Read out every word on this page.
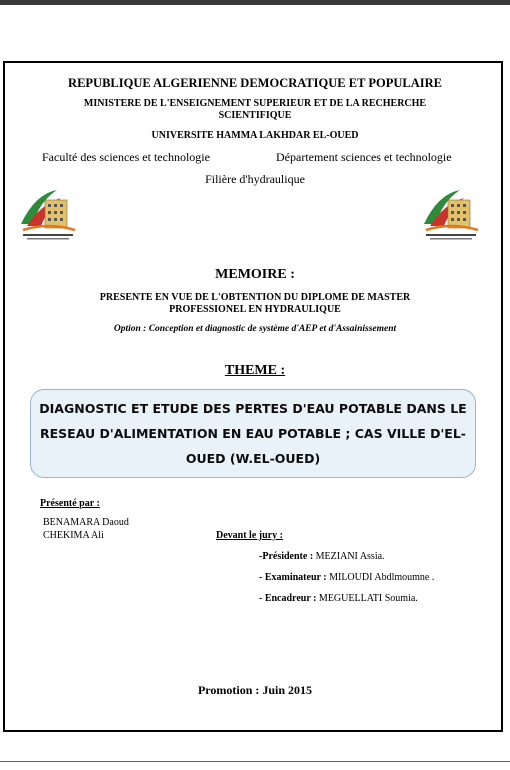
REPUBLIQUE ALGERIENNE DEMOCRATIQUE ET POPULAIRE
MINISTERE DE L'ENSEIGNEMENT SUPERIEUR ET DE LA RECHERCHE SCIENTIFIQUE
UNIVERSITE HAMMA LAKHDAR EL-OUED
Faculté des sciences et technologie	Département sciences et technologie
Filière d'hydraulique
MEMOIRE :
PRESENTE EN VUE DE L'OBTENTION DU DIPLOME DE MASTER PROFESSIONEL EN HYDRAULIQUE
Option : Conception et diagnostic de système d'AEP et d'Assainissement
THEME :
DIAGNOSTIC ET ETUDE DES PERTES D'EAU POTABLE DANS LE RESEAU D'ALIMENTATION EN EAU POTABLE ; CAS VILLE D'EL-OUED (W.EL-OUED)
Présenté par :
BENAMARA Daoud
CHEKIMA Ali	Devant le jury :
-Présidente : MEZIANI Assia.
- Examinateur : MILOUDI Abdlmoumne .
- Encadreur : MEGUELLATI Soumia.
Promotion : Juin 2015
